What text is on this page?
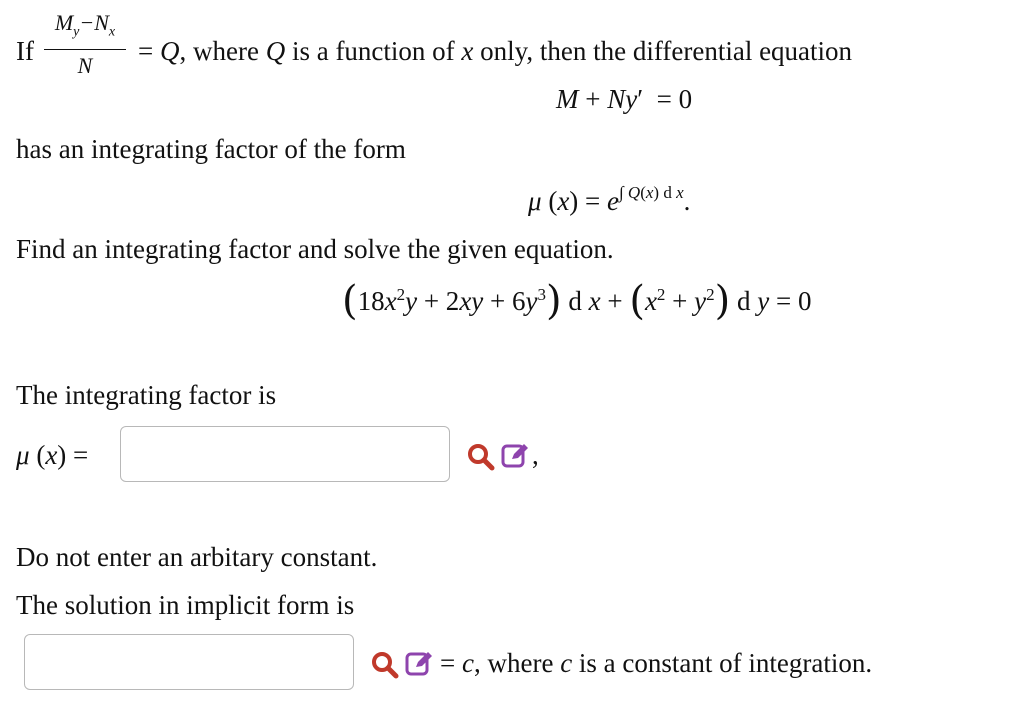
If
$M_y-N_x$
N	= Q, where Q is a function of x only, then the differential equation
M + Ny′  = 0
has an integrating factor of the form
μ $(x) = e^{\int Q(x) d x}$.
Find an integrating factor and solve the given equation.
$(18x^2y + 2xy + 6y^3)$ d $x + (x^2 + y^2)$ d y = 0
The integrating factor is
μ (x) =	,
Do not enter an arbitary constant.
The solution in implicit form is
= c, where c is a constant of integration.
